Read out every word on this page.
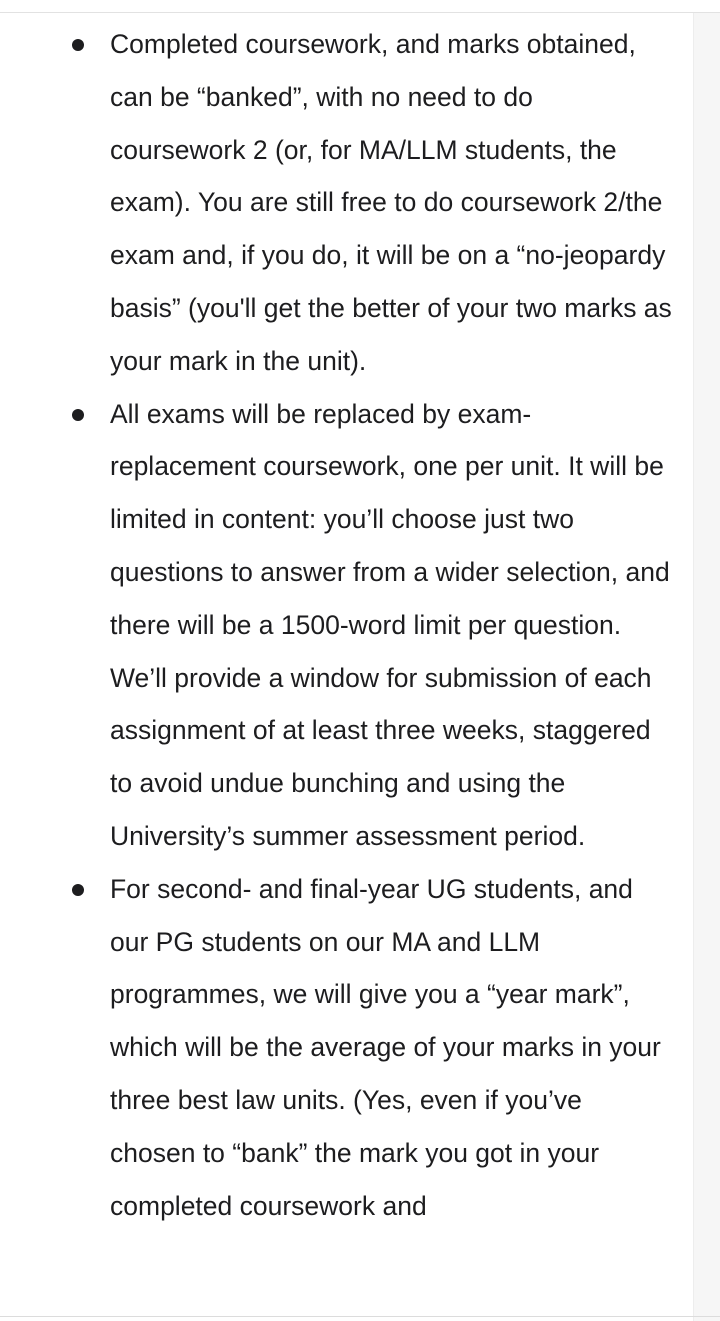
Completed coursework, and marks obtained, can be “banked”, with no need to do coursework 2 (or, for MA/LLM students, the exam). You are still free to do coursework 2/the exam and, if you do, it will be on a “no-jeopardy basis” (you'll get the better of your two marks as your mark in the unit).
All exams will be replaced by exam-replacement coursework, one per unit. It will be limited in content: you’ll choose just two questions to answer from a wider selection, and there will be a 1500-word limit per question. We’ll provide a window for submission of each assignment of at least three weeks, staggered to avoid undue bunching and using the University’s summer assessment period.
For second- and final-year UG students, and our PG students on our MA and LLM programmes, we will give you a “year mark”, which will be the average of your marks in your three best law units. (Yes, even if you’ve chosen to “bank” the mark you got in your completed coursework and
